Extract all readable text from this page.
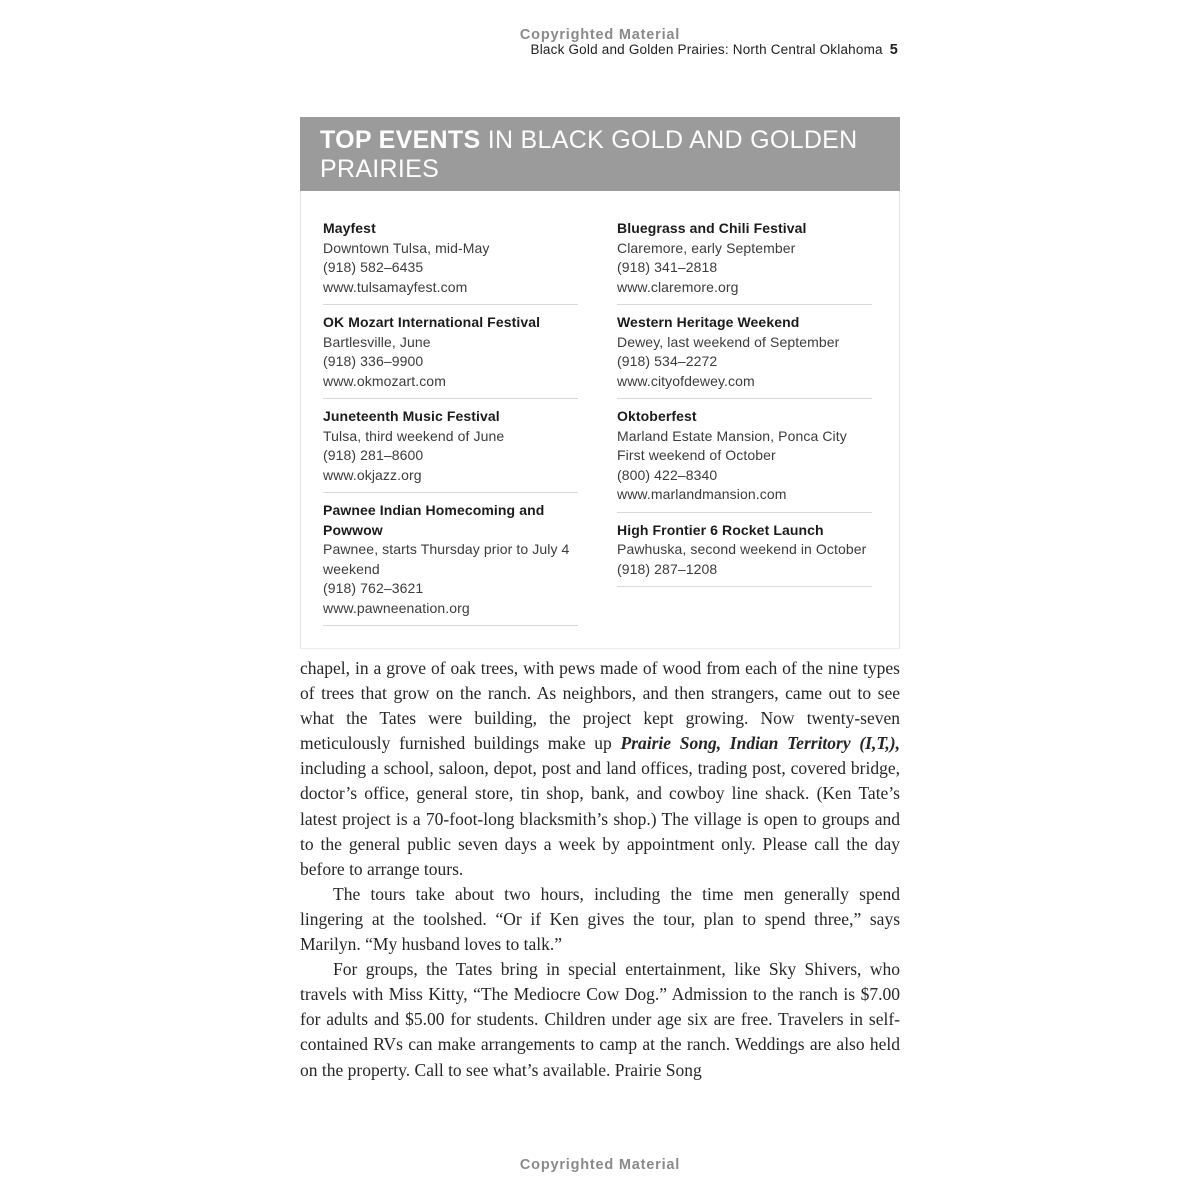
Copyrighted Material
Black Gold and Golden Prairies: North Central Oklahoma 5
TOP EVENTS IN BLACK GOLD AND GOLDEN PRAIRIES
Mayfest
Downtown Tulsa, mid-May
(918) 582–6435
www.tulsamayfest.com
OK Mozart International Festival
Bartlesville, June
(918) 336–9900
www.okmozart.com
Juneteenth Music Festival
Tulsa, third weekend of June
(918) 281–8600
www.okjazz.org
Pawnee Indian Homecoming and Powwow
Pawnee, starts Thursday prior to July 4 weekend
(918) 762–3621
www.pawneenation.org
Bluegrass and Chili Festival
Claremore, early September
(918) 341–2818
www.claremore.org
Western Heritage Weekend
Dewey, last weekend of September
(918) 534–2272
www.cityofdewey.com
Oktoberfest
Marland Estate Mansion, Ponca City
First weekend of October
(800) 422–8340
www.marlandmansion.com
High Frontier 6 Rocket Launch
Pawhuska, second weekend in October
(918) 287–1208

chapel, in a grove of oak trees, with pews made of wood from each of the nine types of trees that grow on the ranch. As neighbors, and then strangers, came out to see what the Tates were building, the project kept growing. Now twenty-seven meticulously furnished buildings make up Prairie Song, Indian Territory (I,T,), including a school, saloon, depot, post and land offices, trading post, covered bridge, doctor’s office, general store, tin shop, bank, and cowboy line shack. (Ken Tate’s latest project is a 70-foot-long blacksmith’s shop.) The village is open to groups and to the general public seven days a week by appointment only. Please call the day before to arrange tours.

The tours take about two hours, including the time men generally spend lingering at the toolshed. “Or if Ken gives the tour, plan to spend three,” says Marilyn. “My husband loves to talk.”

For groups, the Tates bring in special entertainment, like Sky Shivers, who travels with Miss Kitty, “The Mediocre Cow Dog.” Admission to the ranch is $7.00 for adults and $5.00 for students. Children under age six are free. Travelers in self-contained RVs can make arrangements to camp at the ranch. Weddings are also held on the property. Call to see what’s available. Prairie Song

Copyrighted Material
